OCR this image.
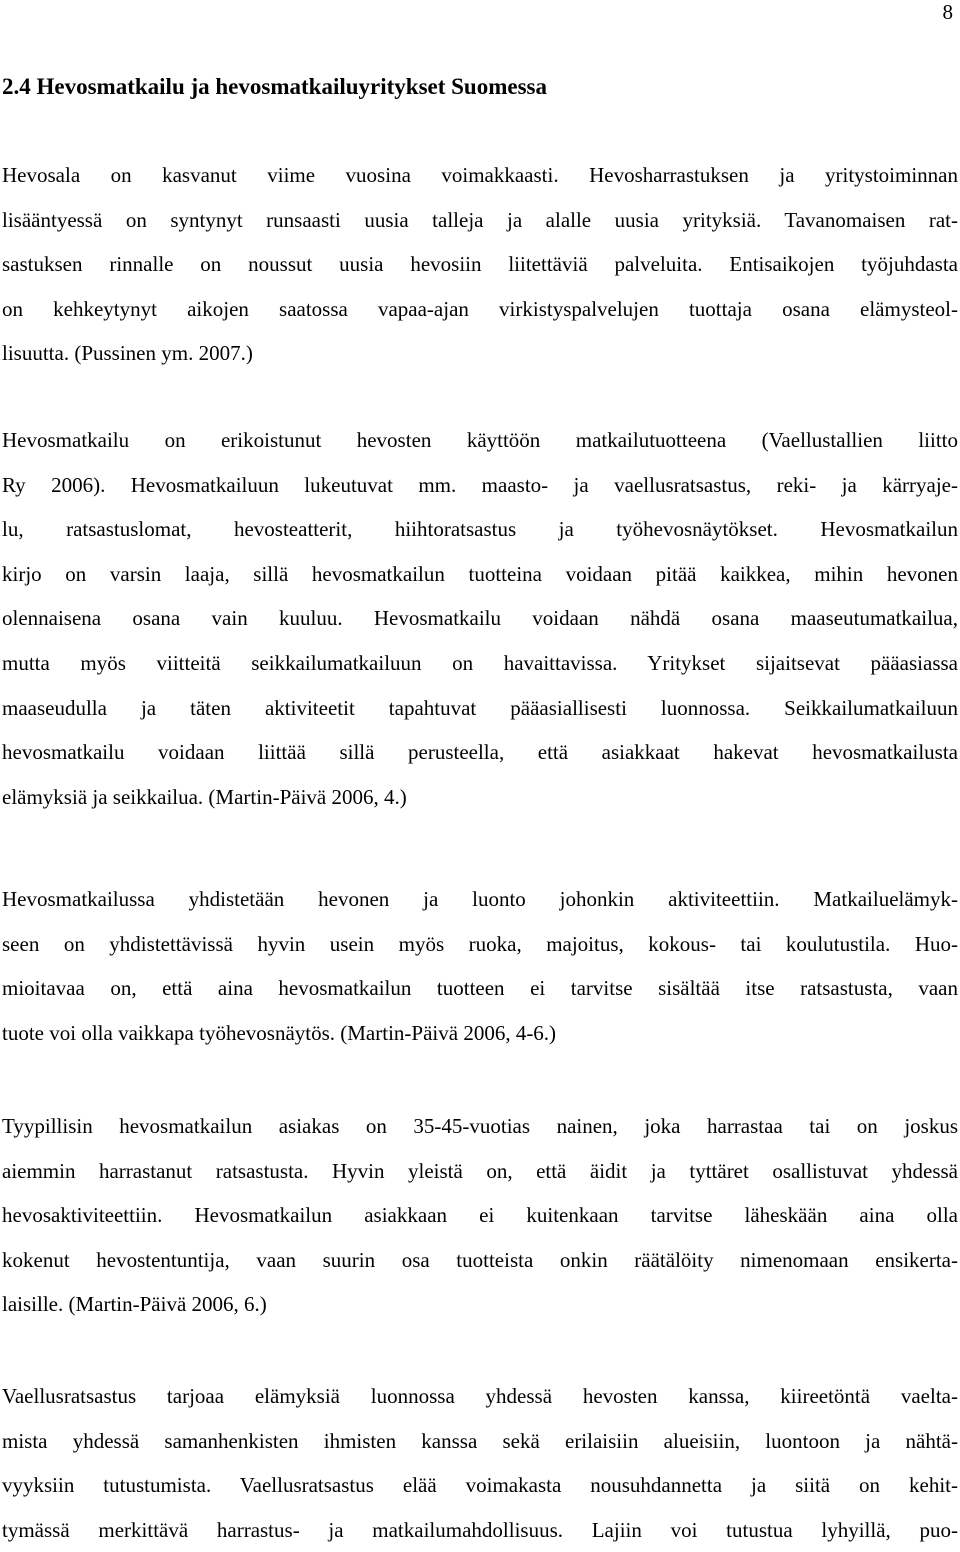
8
2.4 Hevosmatkailu ja hevosmatkailuyritykset Suomessa
Hevosala on kasvanut viime vuosina voimakkaasti. Hevosharrastuksen ja yritystoiminnan
lisääntyessä on syntynyt runsaasti uusia talleja ja alalle uusia yrityksiä. Tavanomaisen rat-
sastuksen rinnalle on noussut uusia hevosiin liitettäviä palveluita. Entisaikojen työjuhdasta
on kehkeytynyt aikojen saatossa vapaa-ajan virkistyspalvelujen tuottaja osana elämysteol-
lisuutta. (Pussinen ym. 2007.)
Hevosmatkailu on erikoistunut hevosten käyttöön matkailutuotteena (Vaellustallien liitto
Ry 2006). Hevosmatkailuun lukeutuvat mm. maasto- ja vaellusratsastus, reki- ja kärryaje-
lu, ratsastuslomat, hevosteatterit, hiihtoratsastus ja työhevosnäytökset. Hevosmatkailun
kirjo on varsin laaja, sillä hevosmatkailun tuotteina voidaan pitää kaikkea, mihin hevonen
olennaisena osana vain kuuluu. Hevosmatkailu voidaan nähdä osana maaseutumatkailua,
mutta myös viitteitä seikkailumatkailuun on havaittavissa. Yritykset sijaitsevat pääasiassa
maaseudulla ja täten aktiviteetit tapahtuvat pääasiallisesti luonnossa. Seikkailumatkailuun
hevosmatkailu voidaan liittää sillä perusteella, että asiakkaat hakevat hevosmatkailusta
elämyksiä ja seikkailua. (Martin-Päivä 2006, 4.)
Hevosmatkailussa yhdistetään hevonen ja luonto johonkin aktiviteettiin. Matkailuelämyk-
seen on yhdistettävissä hyvin usein myös ruoka, majoitus, kokous- tai koulutustila. Huo-
mioitavaa on, että aina hevosmatkailun tuotteen ei tarvitse sisältää itse ratsastusta, vaan
tuote voi olla vaikkapa työhevosnäytös. (Martin-Päivä 2006, 4-6.)
Tyypillisin hevosmatkailun asiakas on 35-45-vuotias nainen, joka harrastaa tai on joskus
aiemmin harrastanut ratsastusta. Hyvin yleistä on, että äidit ja tyttäret osallistuvat yhdessä
hevosaktiviteettiin. Hevosmatkailun asiakkaan ei kuitenkaan tarvitse läheskään aina olla
kokenut hevostentuntija, vaan suurin osa tuotteista onkin räätälöity nimenomaan ensikerta-
laisille. (Martin-Päivä 2006, 6.)
Vaellusratsastus tarjoaa elämyksiä luonnossa yhdessä hevosten kanssa, kiireetöntä vaelta-
mista yhdessä samanhenkisten ihmisten kanssa sekä erilaisiin alueisiin, luontoon ja nähtä-
vyyksiin tutustumista. Vaellusratsastus elää voimakasta nousuhdannetta ja siitä on kehit-
tymässä merkittävä harrastus- ja matkailumahdollisuus. Lajiin voi tutustua lyhyillä, puo-
